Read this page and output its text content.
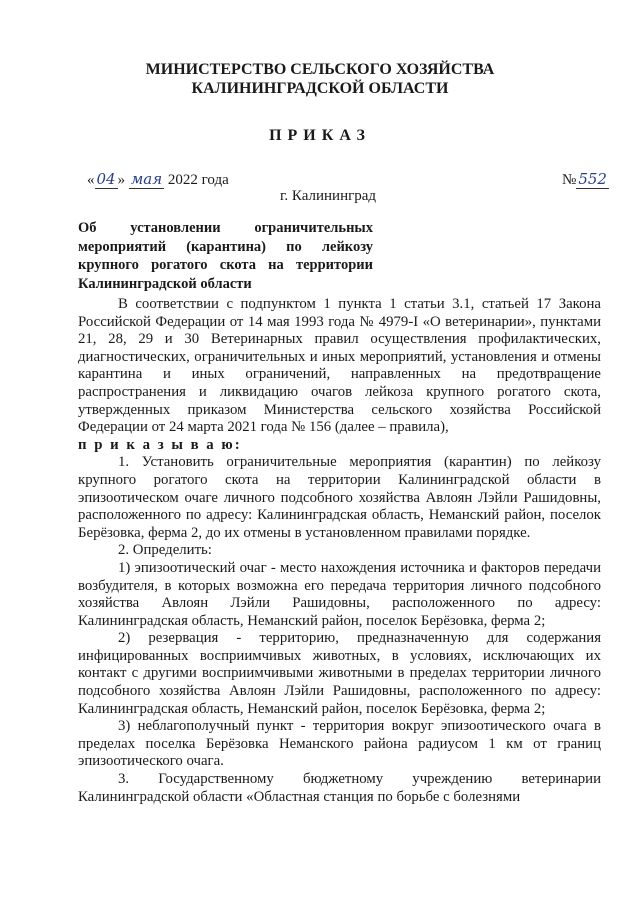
МИНИСТЕРСТВО СЕЛЬСКОГО ХОЗЯЙСТВА
КАЛИНИНГРАДСКОЙ ОБЛАСТИ
ПРИКАЗ
« 04 » мая 2022 года	№ 552
г. Калининград
Об установлении ограничительных мероприятий (карантина) по лейкозу крупного рогатого скота на территории Калининградской области

В соответствии с подпунктом 1 пункта 1 статьи 3.1, статьей 17 Закона Российской Федерации от 14 мая 1993 года № 4979-I «О ветеринарии», пунктами 21, 28, 29 и 30 Ветеринарных правил осуществления профилактических, диагностических, ограничительных и иных мероприятий, установления и отмены карантина и иных ограничений, направленных на предотвращение распространения и ликвидацию очагов лейкоза крупного рогатого скота, утвержденных приказом Министерства сельского хозяйства Российской Федерации от 24 марта 2021 года № 156 (далее – правила),

п р и к а з ы в а ю:

1. Установить ограничительные мероприятия (карантин) по лейкозу крупного рогатого скота на территории Калининградской области в эпизоотическом очаге личного подсобного хозяйства Авлоян Лэйли Рашидовны, расположенного по адресу: Калининградская область, Неманский район, поселок Берёзовка, ферма 2, до их отмены в установленном правилами порядке.

2. Определить:

1) эпизоотический очаг - место нахождения источника и факторов передачи возбудителя, в которых возможна его передача территория личного подсобного хозяйства Авлоян Лэйли Рашидовны, расположенного по адресу: Калининградская область, Неманский район, поселок Берёзовка, ферма 2;

2) резервация - территорию, предназначенную для содержания инфицированных восприимчивых животных, в условиях, исключающих их контакт с другими восприимчивыми животными в пределах территории личного подсобного хозяйства Авлоян Лэйли Рашидовны, расположенного по адресу: Калининградская область, Неманский район, поселок Берёзовка, ферма 2;

3) неблагополучный пункт - территория вокруг эпизоотического очага в пределах поселка Берёзовка Неманского района радиусом 1 км от границ эпизоотического очага.

3. Государственному бюджетному учреждению ветеринарии Калининградской области «Областная станция по борьбе с болезнями
